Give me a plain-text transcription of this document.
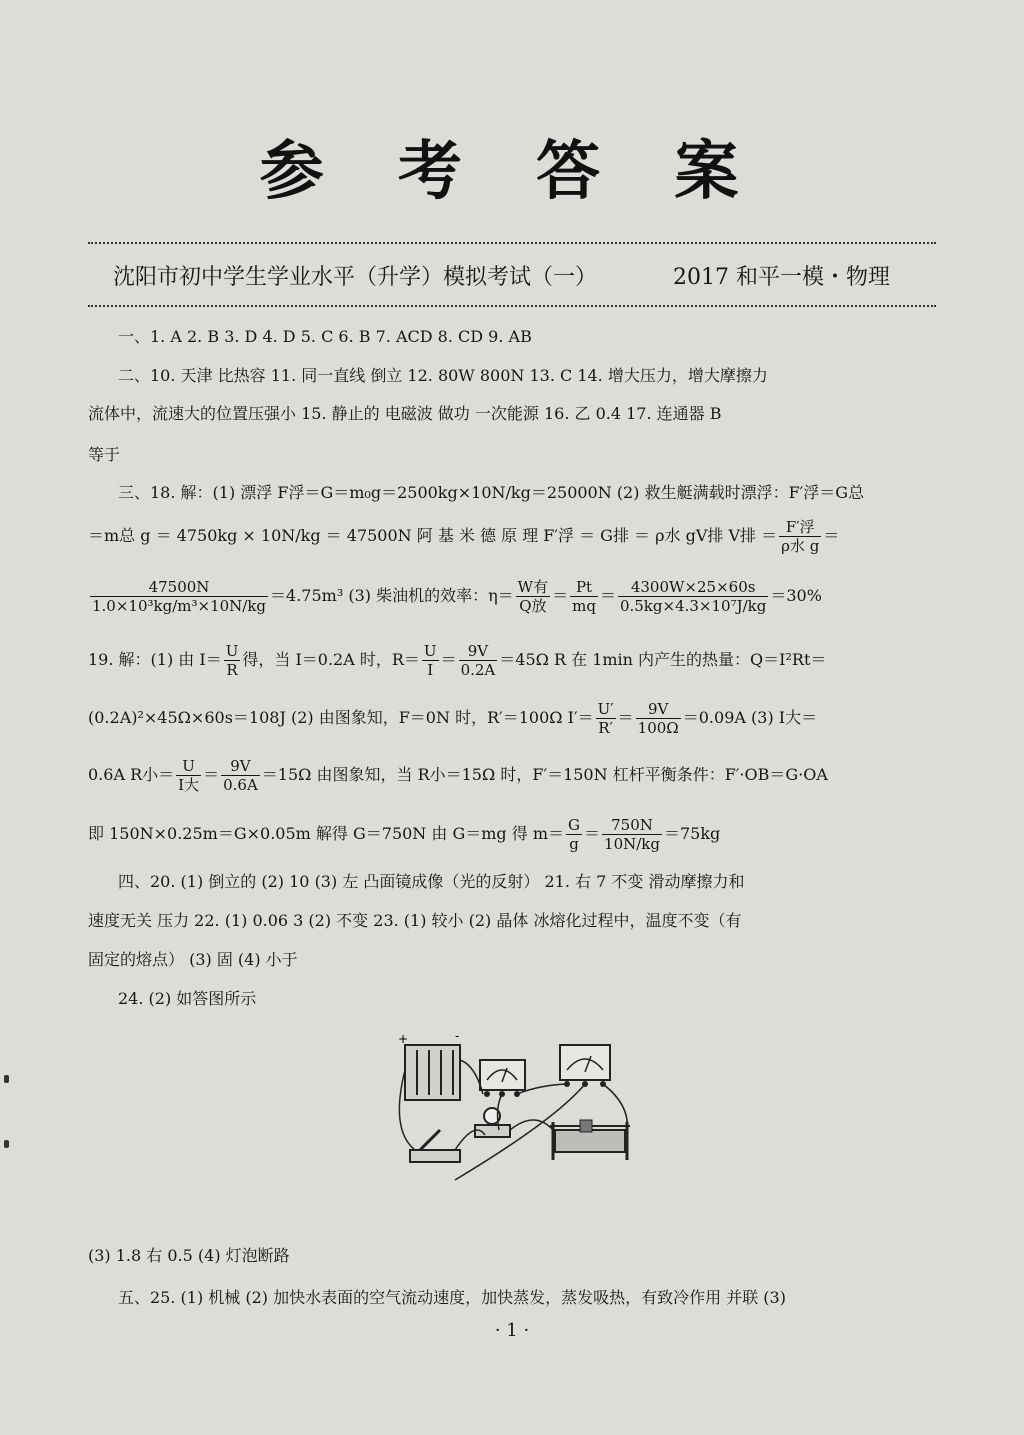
参 考 答 案
沈阳市初中学生学业水平（升学）模拟考试（一）	2017 和平一模・物理
一、1. A 2. B 3. D 4. D 5. C 6. B 7. ACD 8. CD 9. AB
二、10. 天津 比热容 11. 同一直线 倒立 12. 80W 800N 13. C 14. 增大压力，增大摩擦力
流体中，流速大的位置压强小 15. 静止的 电磁波 做功 一次能源 16. 乙 0.4 17. 连通器 B
等于
三、18. 解：(1) 漂浮 F浮＝G＝m₀g＝2500kg×10N/kg＝25000N (2) 救生艇满载时漂浮：F′浮＝G总
＝m总 g ＝ 4750kg × 10N/kg ＝ 47500N 阿 基 米 德 原 理 F′浮 ＝ G排 ＝ ρ水 gV排 V排 ＝ $\frac{\text{F′浮}}{\text{ρ水 g}}$ ＝
$\frac{47500N}{\text{1.0×10³kg/m³×10N/kg}} =4.75m^3$ (3) 柴油机的效率：$\eta= \frac{\text{W有}}{\text{Q放}} = \frac{Pt}{mq} = \frac{4300W\times 25\times 60s}{\text{0.5kg×4.3×10⁷J/kg}} =30\%$
19. 解：(1) 由 $I= \frac{U}{R}$ 得，当 I＝0.2A 时，$R= \frac{U}{I} = \frac{9V}{0.2A} =45\Omega$ R 在 1min 内产生的热量：Q＝I²Rt＝
(0.2A)²×45Ω×60s＝108J (2) 由图象知，F＝0N 时，R′＝100Ω $I'= \frac{U'}{R'} = \frac{9V}{100\Omega} =0.09A$ (3) I大＝
0.6A R小＝ $\frac{U}{\text{I大}} = \frac{9V}{0.6A} =15\Omega$ 由图象知，当 R小＝15Ω 时，F′＝150N 杠杆平衡条件：F′·OB＝G·OA
即 150N×0.25m＝G×0.05m 解得 G＝750N 由 G＝mg 得 $m= \frac{G}{g} = \frac{750N}{10N/kg} =75kg$
四、20. (1) 倒立的 (2) 10 (3) 左 凸面镜成像（光的反射） 21. 右 7 不变 滑动摩擦力和
速度无关 压力 22. (1) 0.06 3 (2) 不变 23. (1) 较小 (2) 晶体 冰熔化过程中，温度不变（有
固定的熔点） (3) 固 (4) 小于
24. (2) 如答图所示
+	-
(3) 1.8 右 0.5 (4) 灯泡断路
五、25. (1) 机械 (2) 加快水表面的空气流动速度，加快蒸发，蒸发吸热，有致冷作用 并联 (3)
· 1 ·
